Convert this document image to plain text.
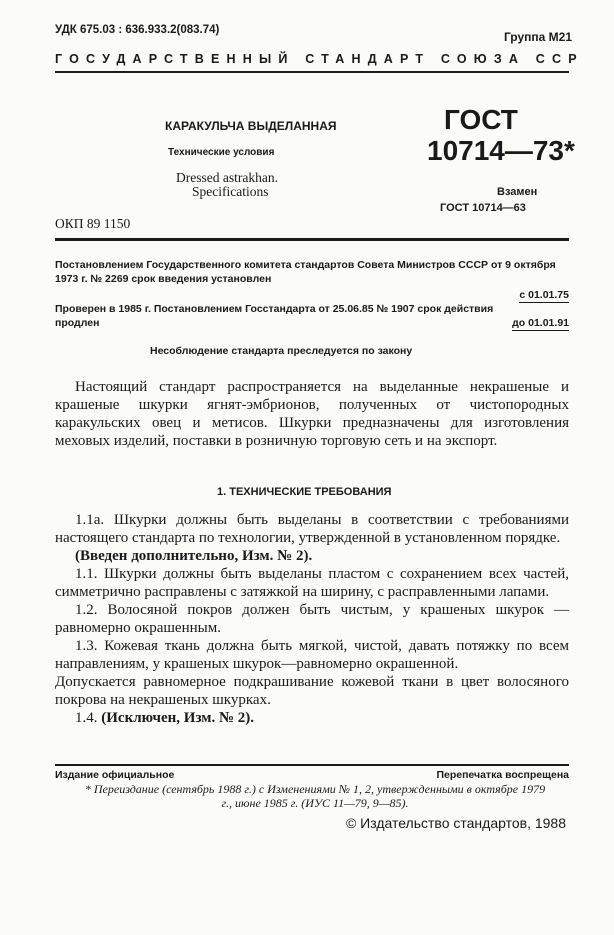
УДК 675.03 : 636.933.2(083.74)	Группа М21
ГОСУДАРСТВЕННЫЙ СТАНДАРТ СОЮЗА ССР
КАРАКУЛЬЧА ВЫДЕЛАННАЯ
Технические условия
Dressed astrakhan.
Specifications
ОКП 89 1150
ГОСТ
10714—73*
Взамен
ГОСТ 10714—63
Постановлением Государственного комитета стандартов Совета Министров СССР от 9 октября 1973 г. № 2269 срок введения установлен
с 01.01.75
Проверен в 1985 г. Постановлением Госстандарта от 25.06.85 № 1907 срок действия продлен	до 01.01.91
Несоблюдение стандарта преследуется по закону

Настоящий стандарт распространяется на выделанные некрашеные и крашеные шкурки ягнят-эмбрионов, полученных от чистопородных каракульских овец и метисов. Шкурки предназначены для изготовления меховых изделий, поставки в розничную торговую сеть и на экспорт.

1. ТЕХНИЧЕСКИЕ ТРЕБОВАНИЯ

1.1а. Шкурки должны быть выделаны в соответствии с требованиями настоящего стандарта по технологии, утвержденной в установленном порядке.

(Введен дополнительно, Изм. № 2).

1.1. Шкурки должны быть выделаны пластом с сохранением всех частей, симметрично расправлены с затяжкой на ширину, с расправленными лапами.

1.2. Волосяной покров должен быть чистым, у крашеных шкурок — равномерно окрашенным.

1.3. Кожевая ткань должна быть мягкой, чистой, давать потяжку по всем направлениям, у крашеных шкурок—равномерно окрашенной.

Допускается равномерное подкрашивание кожевой ткани в цвет волосяного покрова на некрашеных шкурках.

1.4. (Исключен, Изм. № 2).

Издание официальное	Перепечатка воспрещена
* Переиздание (сентябрь 1988 г.) с Изменениями № 1, 2, утвержденными в октябре 1979 г., июне 1985 г. (ИУС 11—79, 9—85).
© Издательство стандартов, 1988
